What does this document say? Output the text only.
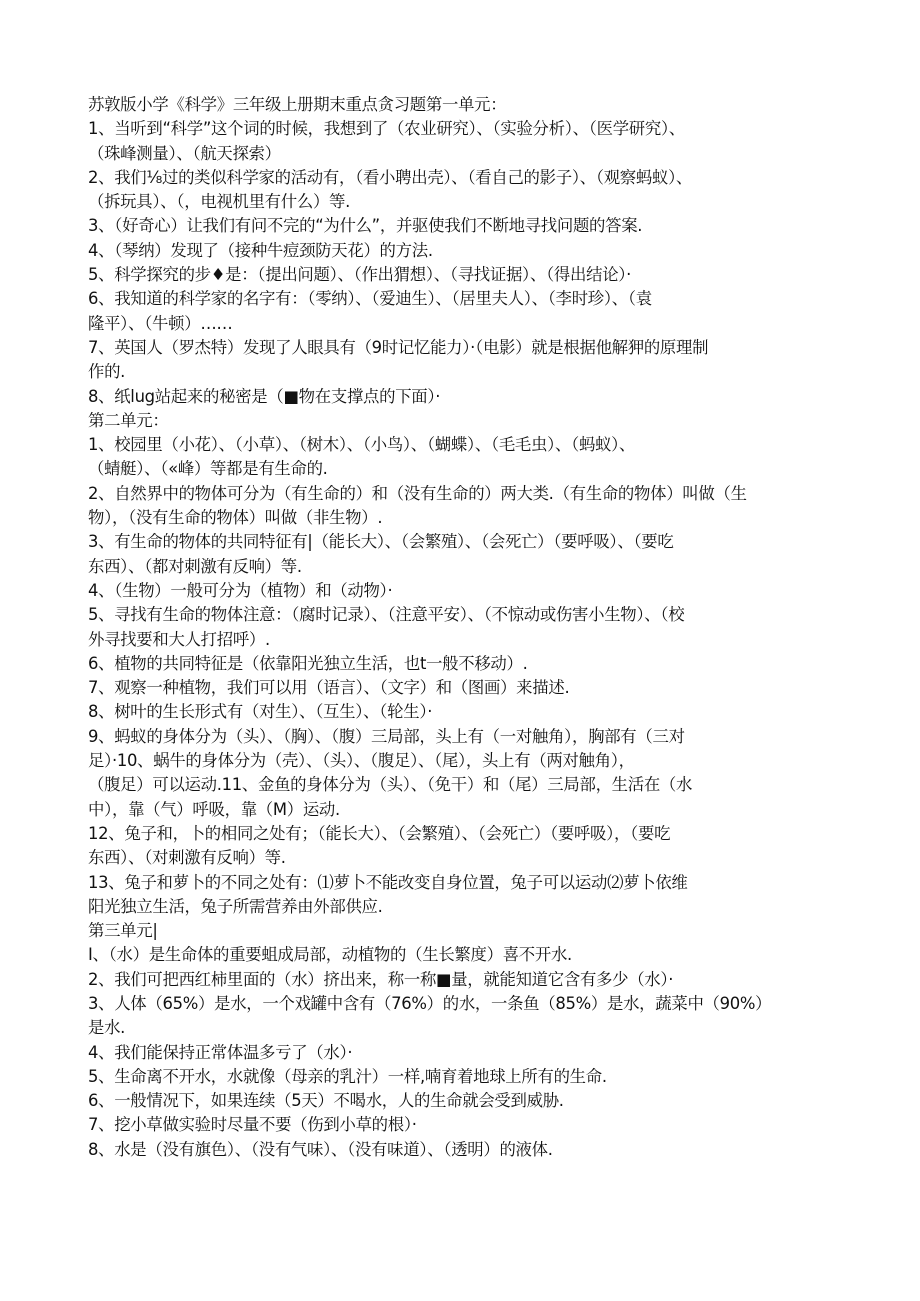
苏敦版小学《科学》三年级上册期末重点贪习题第一单元：
1、当听到“科学”这个词的时候，我想到了（农业研究）、（实验分析）、（医学研究）、
（珠峰测量）、（航天探索）
2、我们⅛过的类似科学家的活动有，（看小聘出壳）、（看自己的影子）、（观察蚂蚁）、
（拆玩具）、（，电视机里有什么）等.
3、（好奇心）让我们有问不完的“为什么”，并驱使我们不断地寻找问题的答案.
4、（琴纳）发现了（接种牛痘颈防天花）的方法.
5、科学探究的步♦是：（提出问题）、（作出猬想）、（寻找证据）、（得出结论）·
6、我知道的科学家的名字有：（零纳）、（爱迪生）、（居里夫人）、（李时珍）、（袁
隆平）、（牛顿）……
7、英国人（罗杰特）发现了人眼具有（9时记忆能力）·（电影）就是根据他解狎的原理制
作的.
8、纸lug站起来的秘密是（■物在支撑点的下面）·
第二单元：
1、校园里（小花）、（小草）、（树木）、（小鸟）、（蝴蝶）、（毛毛虫）、（蚂蚁）、
（蜻艇）、（«峰）等都是有生命的.
2、自然界中的物体可分为（有生命的）和（没有生命的）两大类.（有生命的物体）叫做（生
物），（没有生命的物体）叫做（非生物）.
3、有生命的物体的共同特征有|（能长大）、（会繁殖）、（会死亡）（要呼吸）、（要吃
东西）、（都对刺激有反响）等.
4、（生物）一般可分为（植物）和（动物）·
5、寻找有生命的物体注意：（腐时记录）、（注意平安）、（不惊动或伤害小生物）、（校
外寻找要和大人打招呼）.
6、植物的共同特征是（依靠阳光独立生活，也t一般不移动）.
7、观察一种植物，我们可以用（语言）、（文字）和（图画）来描述.
8、树叶的生长形式有（对生）、（互生）、（轮生）·
9、蚂蚁的身体分为（头）、（胸）、（腹）三局部，头上有（一对触角），胸部有（三对
足）·10、蜗牛的身体分为（壳）、（头）、（腹足）、（尾），头上有（两对触角），
（腹足）可以运动.11、金鱼的身体分为（头）、（免干）和（尾）三局部，生活在（水
中），靠（气）呼吸，靠（M）运动.
12、兔子和，卜的相同之处有；（能长大）、（会繁殖）、（会死亡）（要呼吸），（要吃
东西）、（对刺激有反响）等.
13、兔子和萝卜的不同之处有：⑴萝卜不能改变自身位置，兔子可以运动⑵萝卜依维
阳光独立生活，兔子所需营养由外部供应.
第三单元|
I、（水）是生命体的重要蛆成局部，动植物的（生长繁度）喜不开水.
2、我们可把西红柿里面的（水）挤出来，称一称■量，就能知道它含有多少（水）·
3、人体（65%）是水，一个戏罐中含有（76%）的水，一条鱼（85%）是水，蔬菜中（90%）
是水.
4、我们能保持正常体温多亏了（水）·
5、生命离不开水，水就像（母亲的乳汁）一样,喃育着地球上所有的生命.
6、一般情况下，如果连续（5天）不喝水，人的生命就会受到威胁.
7、挖小草做实验时尽量不要（伤到小草的根）·
8、水是（没有旗色）、（没有气味）、（没有味道）、（透明）的液体.
